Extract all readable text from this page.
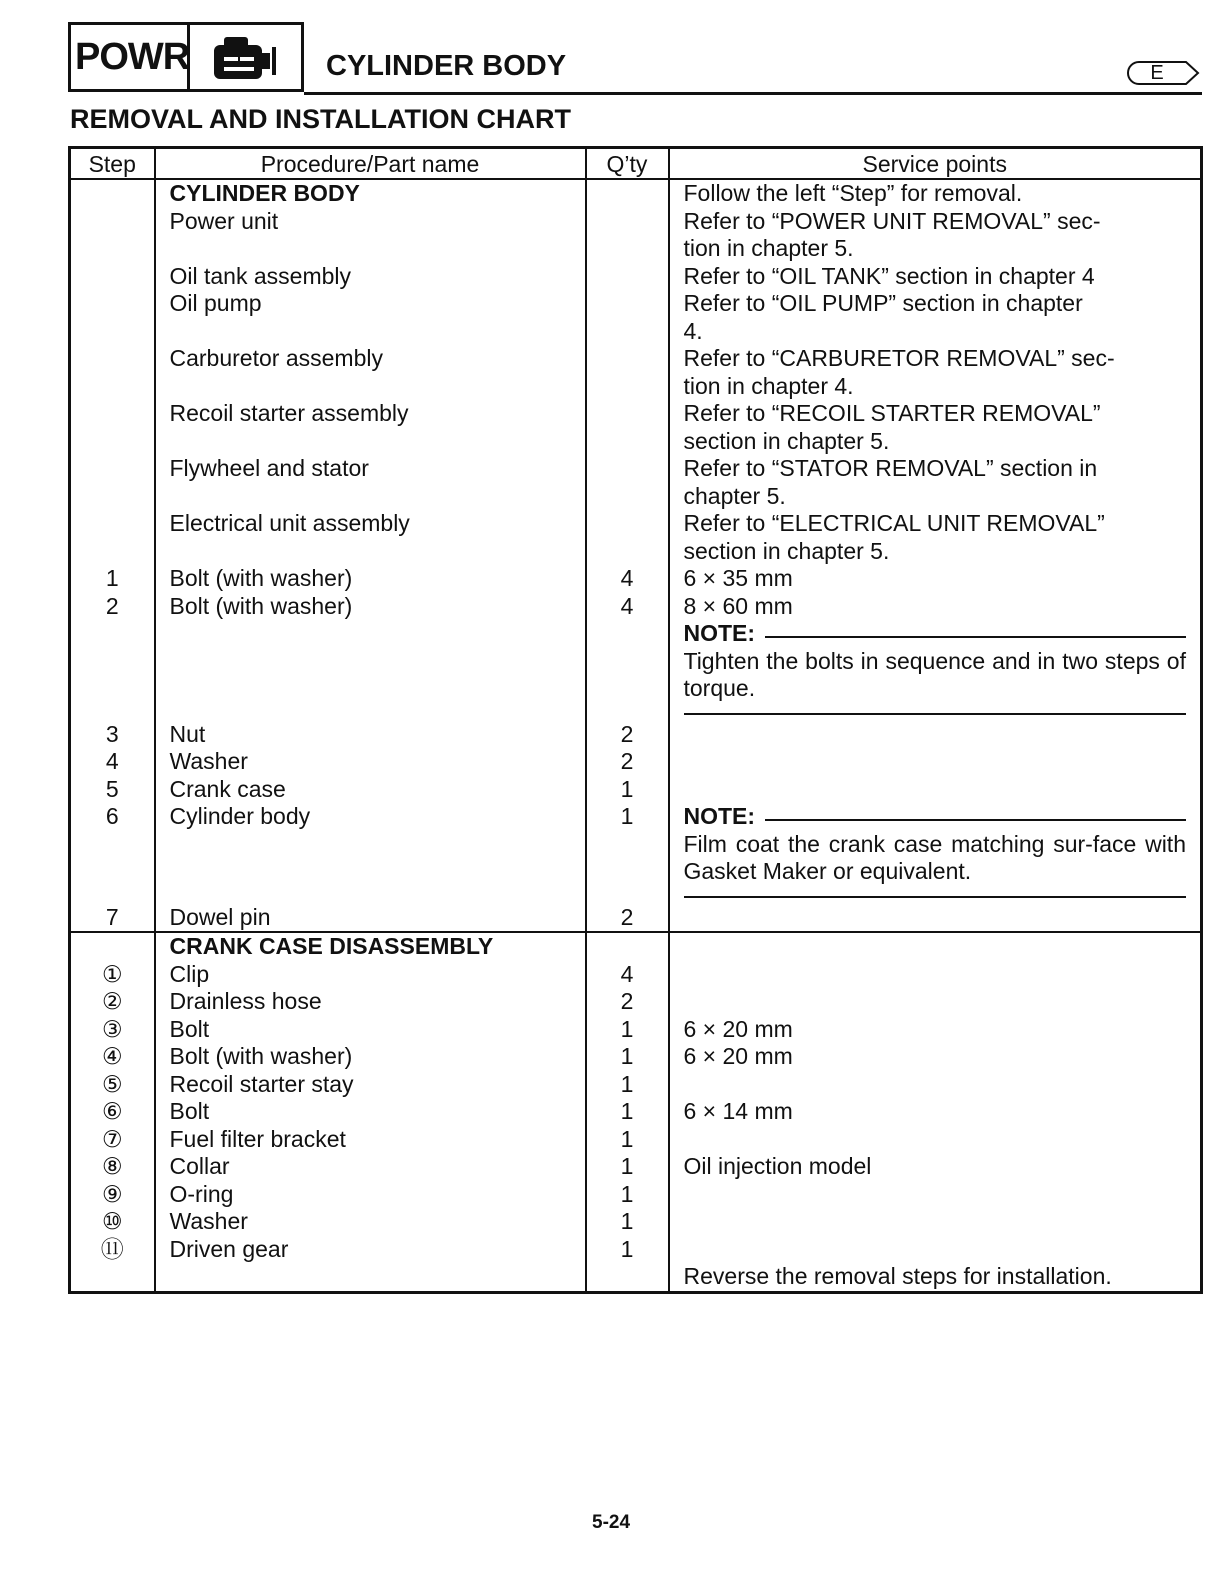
POWR	CYLINDER BODY	E
REMOVAL AND INSTALLATION CHART
Step	Procedure/Part name	Q’ty	Service points
	CYLINDER BODY		Follow the left “Step” for removal.
	Power unit		Refer to “POWER UNIT REMOVAL” sec-
tion in chapter 5.
	Oil tank assembly		Refer to “OIL TANK” section in chapter 4
	Oil pump		Refer to “OIL PUMP” section in chapter
4.
	Carburetor assembly		Refer to “CARBURETOR REMOVAL” sec-
tion in chapter 4.
	Recoil starter assembly		Refer to “RECOIL STARTER REMOVAL”
section in chapter 5.
	Flywheel and stator		Refer to “STATOR REMOVAL” section in
chapter 5.
	Electrical unit assembly		Refer to “ELECTRICAL UNIT REMOVAL”
section in chapter 5.
1	Bolt (with washer)	4	6 × 35 mm
2	Bolt (with washer)	4	8 × 60 mm

			NOTE:
Tighten the bolts in sequence and in two steps of torque.

3	Nut	2	
4	Washer	2	
5	Crank case	1	
6	Cylinder body	1	NOTE:
Film coat the crank case matching sur-face with Gasket Maker or equivalent.

7	Dowel pin	2	
	CRANK CASE DISASSEMBLY		
①	Clip	4	
②	Drainless hose	2	
③	Bolt	1	6 × 20 mm
④	Bolt (with washer)	1	6 × 20 mm
⑤	Recoil starter stay	1	
⑥	Bolt	1	6 × 14 mm
⑦	Fuel filter bracket	1	
⑧	Collar	1	Oil injection model
⑨	O-ring	1	
⑩	Washer	1	
⑪	Driven gear	1	
			Reverse the removal steps for installation.
5-24
